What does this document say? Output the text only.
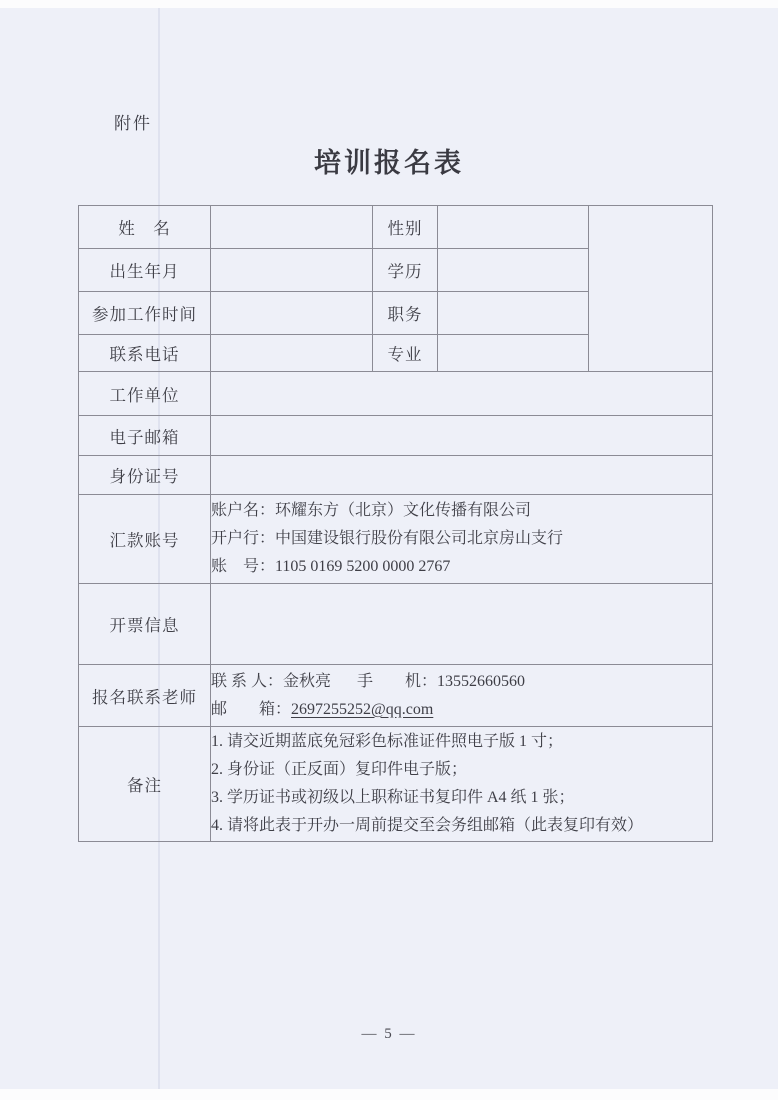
附件
培训报名表
姓　名		性别		
出生年月		学历		
参加工作时间		职务		
联系电话		专业		
工作单位				
电子邮箱				
身份证号				
汇款账号	账户名：环耀东方（北京）文化传播有限公司
开户行：中国建设银行股份有限公司北京房山支行
账　号：1105 0169 5200 0000 2767			

开票信息				
报名联系老师	联 系 人：金秋亮 手　　机：13552660560
邮　　箱：2697255252@qq.com			

备注	1. 请交近期蓝底免冠彩色标准证件照电子版 1 寸；
2. 身份证（正反面）复印件电子版；
3. 学历证书或初级以上职称证书复印件 A4 纸 1 张；
4. 请将此表于开办一周前提交至会务组邮箱（此表复印有效）			
— 5 —
